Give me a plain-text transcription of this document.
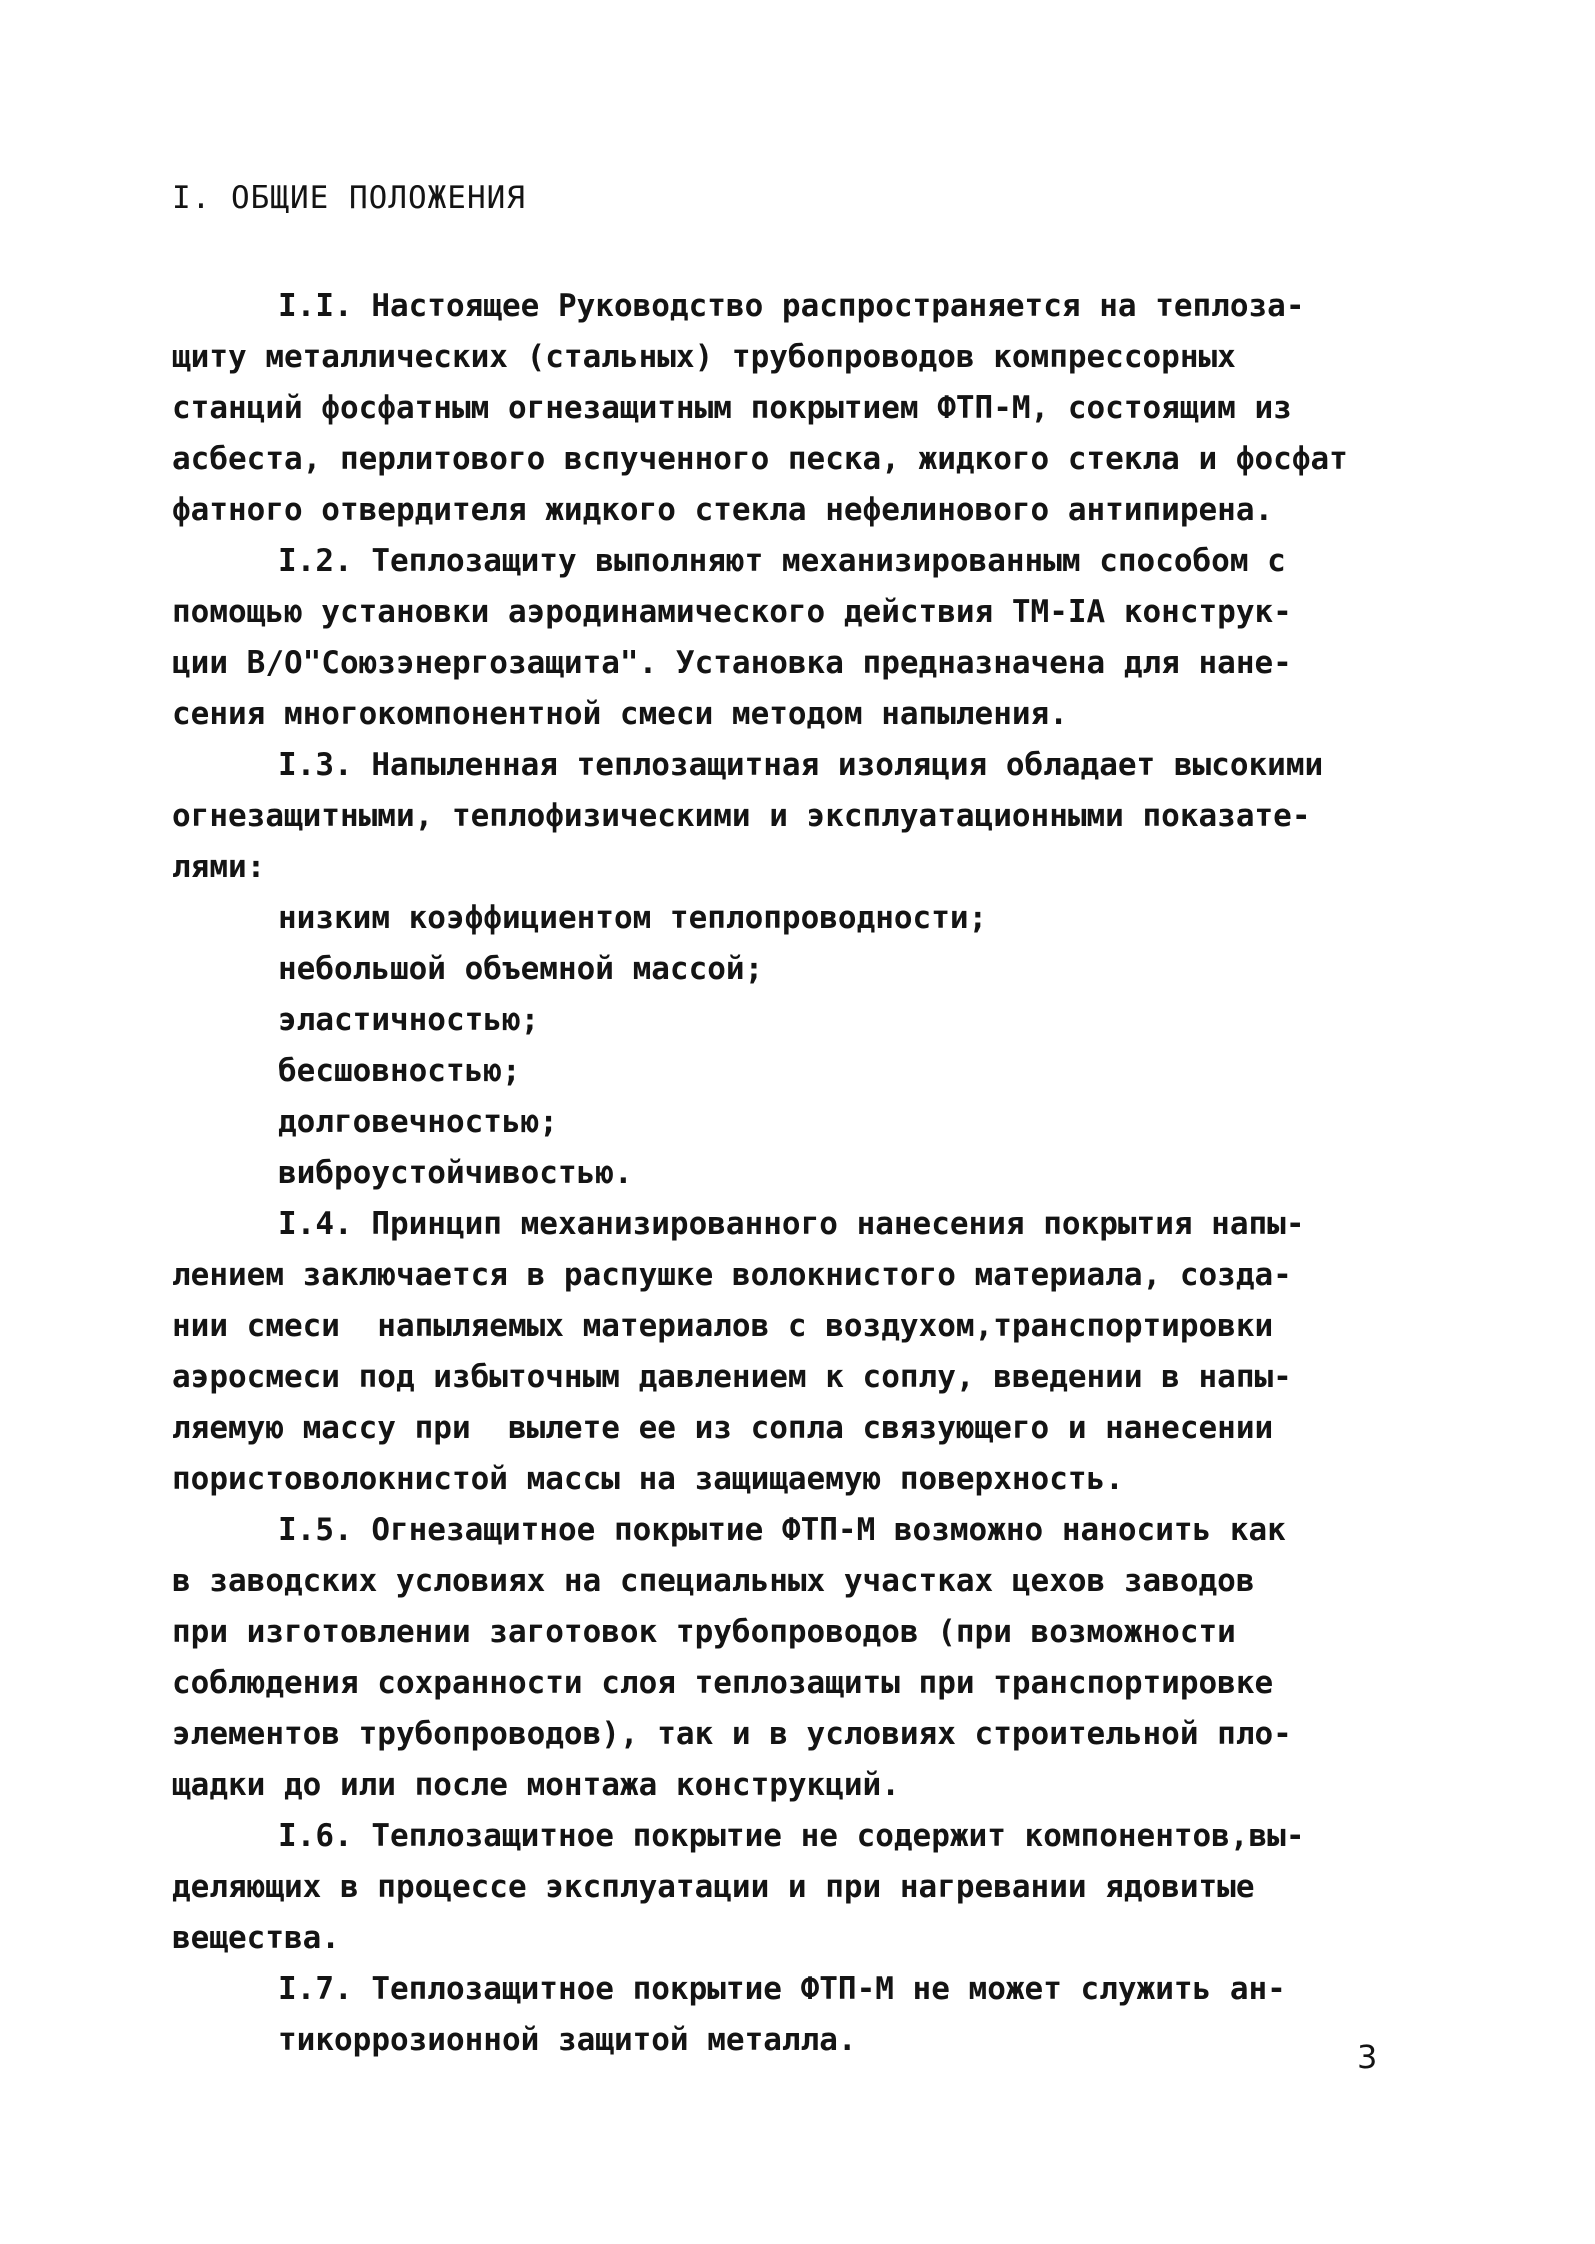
I. ОБЩИЕ ПОЛОЖЕНИЯ
I.I. Настоящее Руководство распространяется на теплоза-
щиту металлических (стальных) трубопроводов компрессорных
станций фосфатным огнезащитным покрытием ФТП-М, состоящим из
асбеста, перлитового вспученного песка, жидкого стекла и фосфат
фатного отвердителя жидкого стекла нефелинового антипирена.
I.2. Теплозащиту выполняют механизированным способом с
помощью установки аэродинамического действия ТМ-IA конструк-
ции В/О"Союзэнергозащита". Установка предназначена для нане-
сения многокомпонентной смеси методом напыления.
I.3. Напыленная теплозащитная изоляция обладает высокими
огнезащитными, теплофизическими и эксплуатационными показате-
лями:
низким коэффициентом теплопроводности;
небольшой объемной массой;
эластичностью;
бесшовностью;
долговечностью;
виброустойчивостью.
I.4. Принцип механизированного нанесения покрытия напы-
лением заключается в распушке волокнистого материала, созда-
нии смеси  напыляемых материалов с воздухом,транспортировки
аэросмеси под избыточным давлением к соплу, введении в напы-
ляемую массу при  вылете ее из сопла связующего и нанесении
пористоволокнистой массы на защищаемую поверхность.
I.5. Огнезащитное покрытие ФТП-М возможно наносить как
в заводских условиях на специальных участках цехов заводов
при изготовлении заготовок трубопроводов (при возможности
соблюдения сохранности слоя теплозащиты при транспортировке
элементов трубопроводов), так и в условиях строительной пло-
щадки до или после монтажа конструкций.
I.6. Теплозащитное покрытие не содержит компонентов,вы-
деляющих в процессе эксплуатации и при нагревании ядовитые
вещества.
I.7. Теплозащитное покрытие ФТП-М не может служить ан-
тикоррозионной защитой металла.	3
